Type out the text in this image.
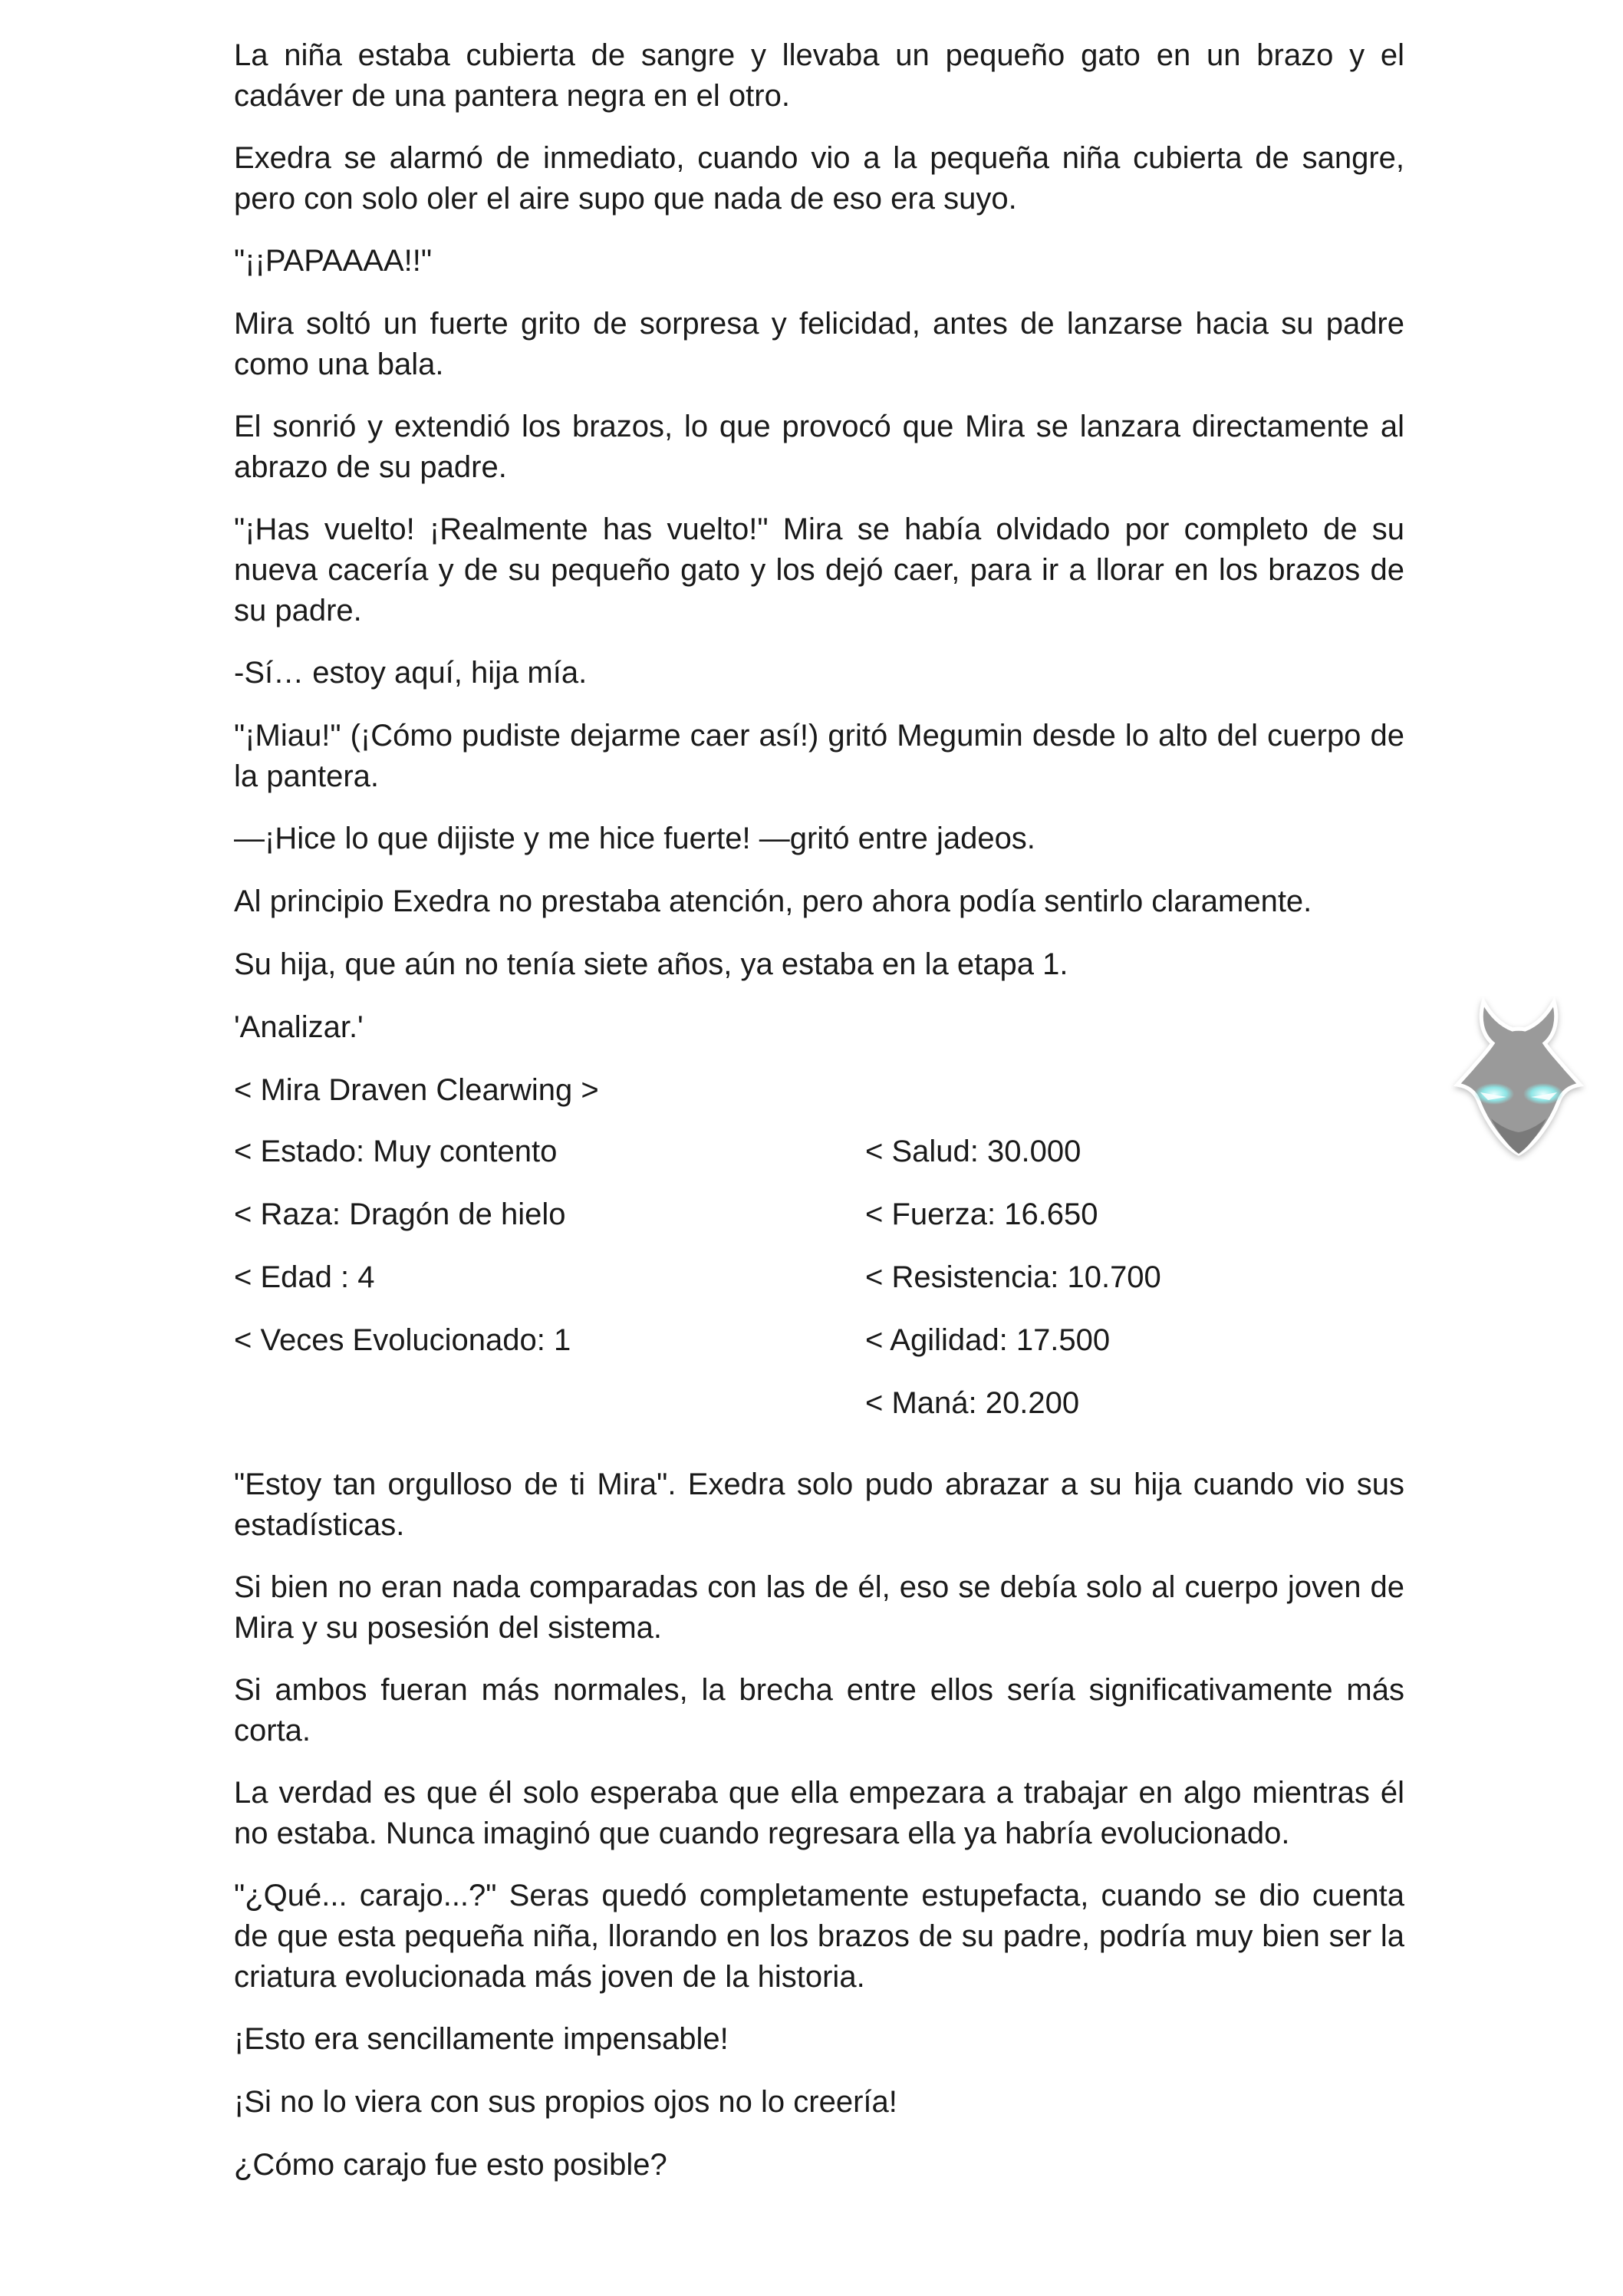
La niña estaba cubierta de sangre y llevaba un pequeño gato en un brazo y el cadáver de una pantera negra en el otro.

Exedra se alarmó de inmediato, cuando vio a la pequeña niña cubierta de sangre, pero con solo oler el aire supo que nada de eso era suyo.

"¡¡PAPAAAA!!"

Mira soltó un fuerte grito de sorpresa y felicidad, antes de lanzarse hacia su padre como una bala.

El sonrió y extendió los brazos, lo que provocó que Mira se lanzara directamente al abrazo de su padre.

"¡Has vuelto! ¡Realmente has vuelto!" Mira se había olvidado por completo de su nueva cacería y de su pequeño gato y los dejó caer, para ir a llorar en los brazos de su padre.

-Sí… estoy aquí, hija mía.

"¡Miau!" (¡Cómo pudiste dejarme caer así!) gritó Megumin desde lo alto del cuerpo de la pantera.

—¡Hice lo que dijiste y me hice fuerte! —gritó entre jadeos.

Al principio Exedra no prestaba atención, pero ahora podía sentirlo claramente.

Su hija, que aún no tenía siete años, ya estaba en la etapa 1.

'Analizar.'

< Mira Draven Clearwing >

< Estado: Muy contento
< Raza: Dragón de hielo
< Edad : 4
< Veces Evolucionado: 1
< Salud: 30.000
< Fuerza: 16.650
< Resistencia: 10.700
< Agilidad: 17.500
< Maná: 20.200

"Estoy tan orgulloso de ti Mira". Exedra solo pudo abrazar a su hija cuando vio sus estadísticas.

Si bien no eran nada comparadas con las de él, eso se debía solo al cuerpo joven de Mira y su posesión del sistema.

Si ambos fueran más normales, la brecha entre ellos sería significativamente más corta.

La verdad es que él solo esperaba que ella empezara a trabajar en algo mientras él no estaba. Nunca imaginó que cuando regresara ella ya habría evolucionado.

"¿Qué... carajo...?" Seras quedó completamente estupefacta, cuando se dio cuenta de que esta pequeña niña, llorando en los brazos de su padre, podría muy bien ser la criatura evolucionada más joven de la historia.

¡Esto era sencillamente impensable!

¡Si no lo viera con sus propios ojos no lo creería!

¿Cómo carajo fue esto posible?
